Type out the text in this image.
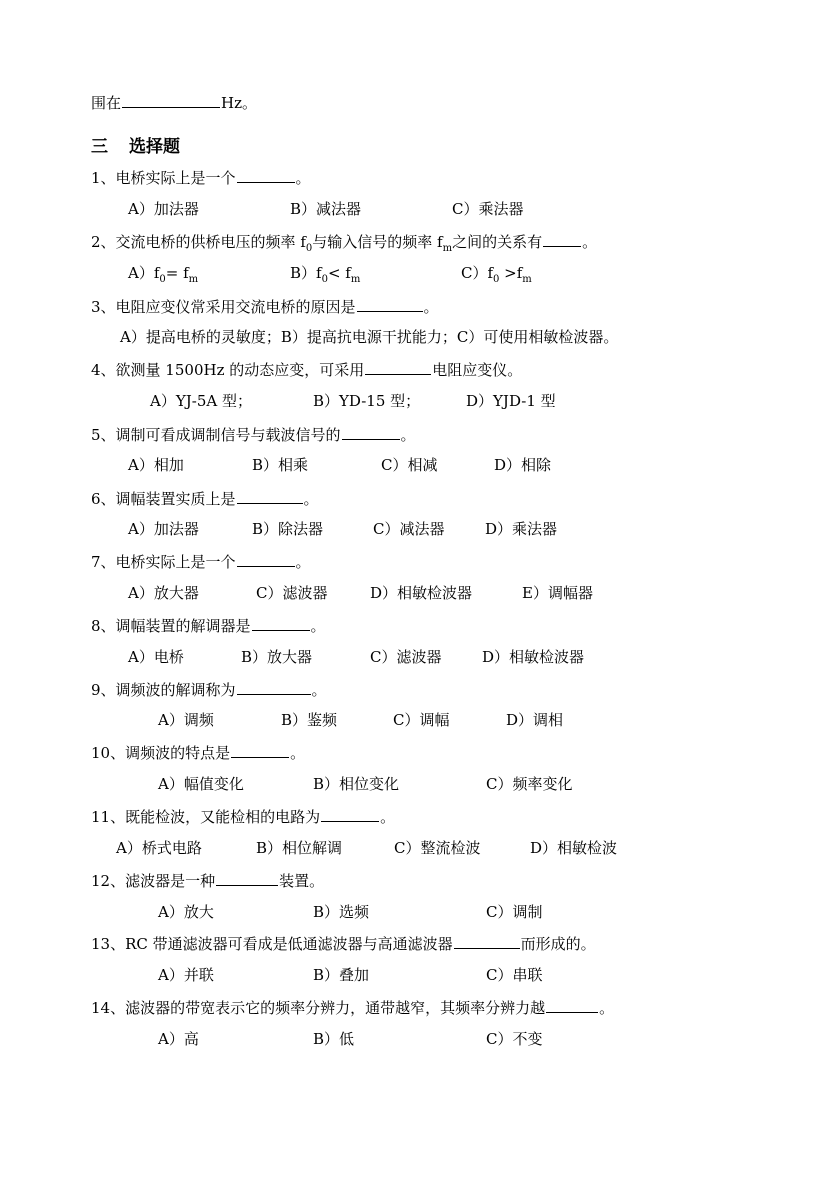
围在	Hz。
三 选择题
1、电桥实际上是一个	。
A）加法器	B）减法器	C）乘法器
2、交流电桥的供桥电压的频率 $f_0$与输入信号的频率 $f_m$之间的关系有	。
$A)f_0= f_m$	$B)f_0< f_m$	$C)f_0 >f_m$
3、电阻应变仪常采用交流电桥的原因是	。
A）提高电桥的灵敏度；B）提高抗电源干扰能力；C）可使用相敏检波器。
4、欲测量 1500Hz 的动态应变，可采用	电阻应变仪。
A）YJ-5A 型；	B）YD-15 型；	D）YJD-1 型
5、调制可看成调制信号与载波信号的	。
A）相加	B）相乘	C）相减	D）相除
6、调幅装置实质上是	。
A）加法器	B）除法器	C）减法器	D）乘法器
7、电桥实际上是一个	。
A）放大器	C）滤波器	D）相敏检波器	E）调幅器
8、调幅装置的解调器是	。
A）电桥	B）放大器	C）滤波器	D）相敏检波器
9、调频波的解调称为	。
A）调频	B）鉴频	C）调幅	D）调相
10、调频波的特点是	。
A）幅值变化	B）相位变化	C）频率变化
11、既能检波，又能检相的电路为	。
A）桥式电路	B）相位解调	C）整流检波	D）相敏检波
12、滤波器是一种	装置。
A）放大	B）选频	C）调制
13、RC 带通滤波器可看成是低通滤波器与高通滤波器	而形成的。
A）并联	B）叠加	C）串联
14、滤波器的带宽表示它的频率分辨力，通带越窄，其频率分辨力越	。
A）高	B）低	C）不变
